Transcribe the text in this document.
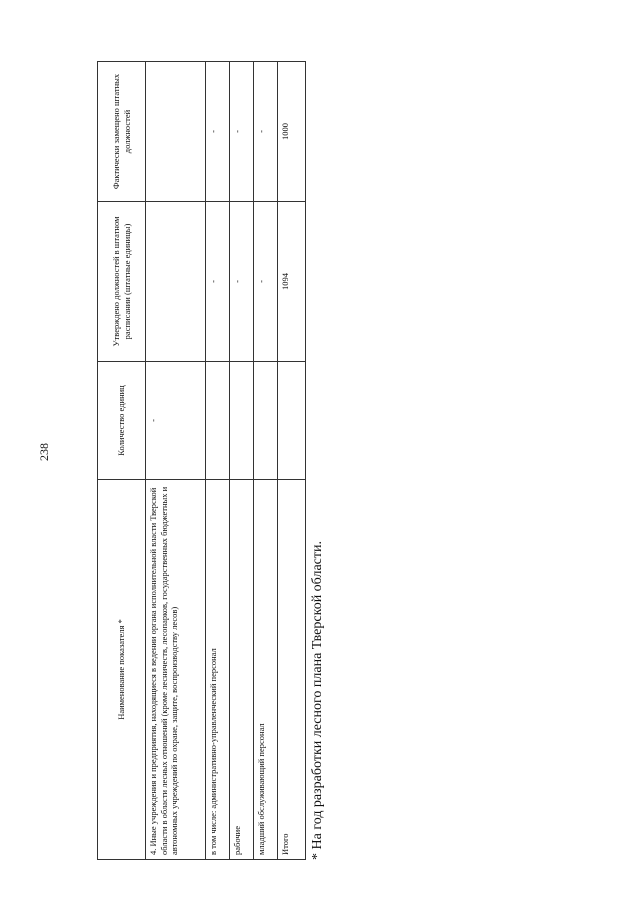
238
Наименование показателя *	Количество единиц	Утверждено должностей в штатном расписании (штатные единицы)	Фактически замещено штатных должностей
4. Иные учреждения и предприятия, находящиеся в ведении органа исполнительной власти Тверской области в области лесных отношений (кроме лесничеств, лесопарков, государственных бюджетных и автономных учреждений по охране, защите, воспроизводству лесов)	-		
в том числе: административно-управленческий персонал		-	-
рабочие		-	-
младший обслуживающий персонал		-	-
Итого		1094	1000
* На год разработки лесного плана Тверской области.
